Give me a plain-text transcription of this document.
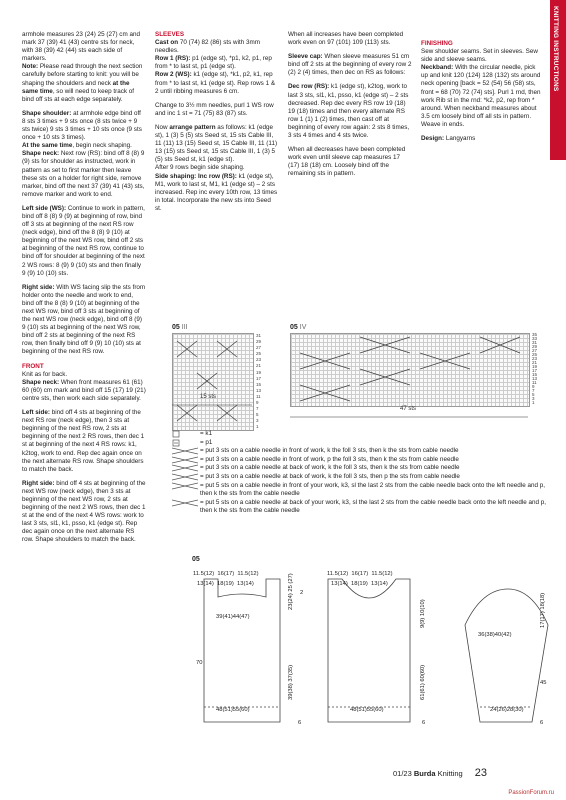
KNITTING INSTRUCTIONS

armhole measures 23 (24) 25 (27) cm and mark 37 (39) 41 (43) centre sts for neck, with 38 (39) 42 (44) sts each side of markers.

Note: Please read through the next section carefully before starting to knit: you will be shaping the shoulders and neck at the same time, so will need to keep track of bind off sts at each edge separately.

Shape shoulder: at armhole edge bind off 8 sts 3 times + 9 sts once (8 sts twice + 9 sts twice) 9 sts 3 times + 10 sts once (9 sts once + 10 sts 3 times).
At the same time, begin neck shaping.
Shape neck: Next row (RS): bind off 8 (8) 9 (9) sts for shoulder as instructed, work in pattern as set to first marker then leave these sts on a holder for right side, remove marker, bind off the next 37 (39) 41 (43) sts, remove marker and work to end.

Left side (WS): Continue to work in pattern, bind off 8 (8) 9 (9) at beginning of row, bind off 3 sts at beginning of the next RS row (neck edge), bind off the 8 (8) 9 (10) at beginning of the next WS row, bind off 2 sts at beginning of the next RS row, continue to bind off for shoulder at beginning of the next 2 WS rows: 8 (9) 9 (10) sts and then finally 9 (9) 10 (10) sts.

Right side: With WS facing slip the sts from holder onto the needle and work to end, bind off the 8 (8) 9 (10) at beginning of the next WS row, bind off 3 sts at beginning of the next WS row (neck edge), bind off 8 (9) 9 (10) sts at beginning of the next WS row, bind off 2 sts at beginning of the next RS row, then finally bind off 9 (9) 10 (10) sts at beginning of the next RS row.

FRONT
Knit as for back.
Shape neck: When front measures 61 (61) 60 (60) cm mark and bind off 15 (17) 19 (21) centre sts, then work each side separately.

Left side: bind off 4 sts at beginning of the next RS row (neck edge), then 3 sts at beginning of the next RS row, 2 sts at beginning of the next 2 RS rows, then dec 1 st at beginning of the next 4 RS rows: k1, k2tog, work to end. Rep dec again once on the next alternate RS row. Shape shoulders to match the back.

Right side: bind off 4 sts at beginning of the next WS row (neck edge), then 3 sts at beginning of the next WS row, 2 sts at beginning of the next 2 WS rows, then dec 1 st at the end of the next 4 WS rows: work to last 3 sts, sl1, k1, psso, k1 (edge st). Rep dec again once on the next alternate RS row. Shape shoulders to match the back.

SLEEVES
Cast on 70 (74) 82 (86) sts with 3mm needles.
Row 1 (RS): p1 (edge st), *p1, k2, p1, rep from * to last st, p1 (edge st).
Row 2 (WS): k1 (edge st), *k1, p2, k1, rep from * to last st, k1 (edge st). Rep rows 1 & 2 until ribbing measures 6 cm.

Change to 3½ mm needles, purl 1 WS row and inc 1 st = 71 (75) 83 (87) sts.

Now arrange pattern as follows: k1 (edge st), 1 (3) 5 (5) sts Seed st, 15 sts Cable III, 11 (11) 13 (15) Seed st, 15 Cable III, 11 (11) 13 (15) sts Seed st, 15 sts Cable III, 1 (3) 5 (5) sts Seed st, k1 (edge st).
After 9 rows begin side shaping.
Side shaping: Inc row (RS): k1 (edge st), M1, work to last st, M1, k1 (edge st) – 2 sts increased. Rep inc every 10th row, 13 times in total. Incorporate the new sts into Seed st.

When all increases have been completed work even on 97 (101) 109 (113) sts.

Sleeve cap: When sleeve measures 51 cm bind off 2 sts at the beginning of every row 2 (2) 2 (4) times, then dec on RS as follows:

Dec row (RS): k1 (edge st), k2tog, work to last 3 sts, sl1, k1, psso, k1 (edge st) – 2 sts decreased. Rep dec every RS row 19 (18) 19 (18) times and then every alternate RS row 1 (1) 1 (2) times, then cast off at beginning of every row again: 2 sts 8 times, 3 sts 4 times and 4 sts twice.

When all decreases have been completed work even until sleeve cap measures 17 (17) 18 (18) cm. Loosely bind off the remaining sts in pattern.

FINISHING
Sew shoulder seams. Set in sleeves. Sew side and sleeve seams.
Neckband: With the circular needle, pick up and knit 120 (124) 128 (132) sts around neck opening [back = 52 (54) 56 (58) sts, front = 68 (70) 72 (74) sts]. Purl 1 rnd, then work Rib st in the rnd: *k2, p2, rep from * around. When neckband measures about 3.5 cm loosely bind off all sts in pattern.
Weave in ends.

Design: Langyarns

05 III
31
29
27
25
23
21
19
17
15
13
11
9
7
5
3
1
15 sts
05 IV
35
33
31
29
27
25
23
21
19
17
15
13
11
9
7
5
3
1
47 sts
= k1
= p1
= put 3 sts on a cable needle in front of work, k the foll 3 sts, then k the sts from cable needle
= put 3 sts on a cable needle in front of work, p the foll 3 sts, then k the sts from cable needle
= put 3 sts on a cable needle at back of work, k the foll 3 sts, then k the sts from cable needle
= put 3 sts on a cable needle at back of work, k the foll 3 sts, then p the sts from cable needle
= put 5 sts on a cable needle in front of your work, k3, sl the last 2 sts from the cable needle back onto the left needle and p, then k the sts from the cable needle
= put 5 sts on a cable needle at back of your work, k3, sl the last 2 sts from the cable needle back onto the left needle and p, then k the sts from the cable needle
05
11.5(12) 16(17) 11.5(12)
13(14) 18(19) 13(14)
39(41)44(47)
48(51)55(60)
70
23(24) 25 (27) 2
39(38) 37(35)
6
11.5(12) 16(17) 11.5(12)
13(14) 18(19) 13(14)
48(51)55(60)
9(9) 10(10)
61(61) 60(60)
6
36(38)40(42)
24(26)28(30)
17(17) 18(18)
45
6
01/23 Burda Knitting 23
PassionForum.ru
